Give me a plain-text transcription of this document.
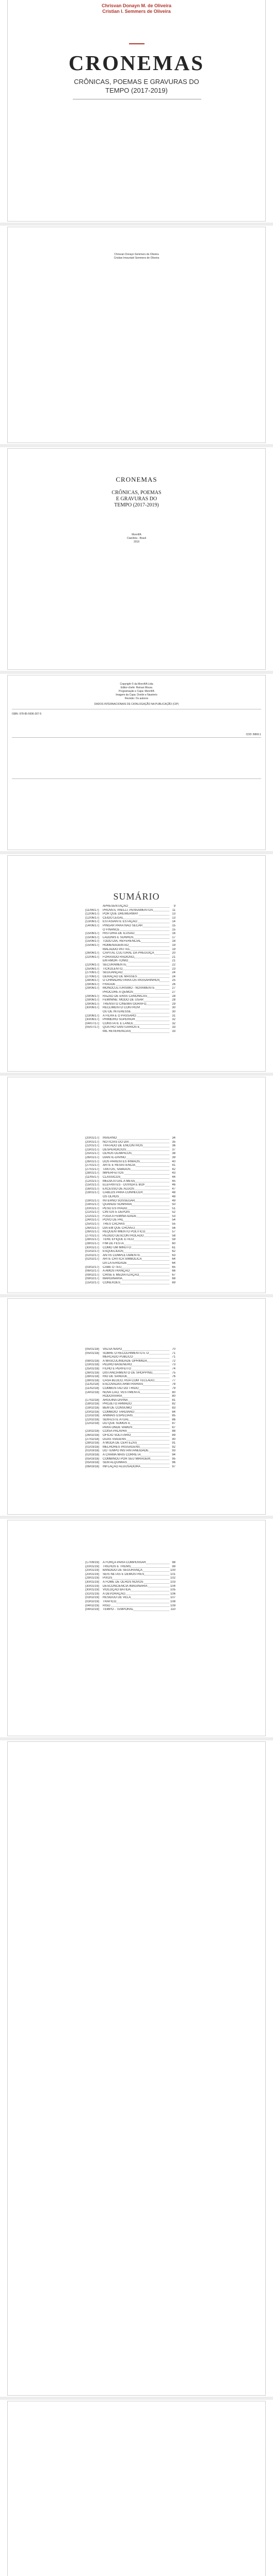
Chrisvan Donayn M. de Oliveira
Cristian I. Semmers de Oliveira
CRONEMAS
CRÔNICAS, POEMAS E GRAVURAS DO
TEMPO (2017-2019)
Chrisvan Donayn Semmers de Oliveira
Cristian Imourisiel Semmers de Oliveira
CRONEMAS
CRÔNICAS, POEMAS
E GRAVURAS DO
TEMPO (2017-2019)
Monrif/A
Cianíbria - Brasil
2019
Copyright © da Monrif/A Ltda
Editor-chefe: Reinan Moura
Programação e Capa: Monrif/A
Imagem da Capa: Donlin e Nasimrio
Revisão: Os autores
DADOS INTERNACIONAIS DE CATALOGAÇÃO NA PUBLICAÇÃO (CIP)
ISBN: 978-85-5696-307-5
CDD: B869.1
SUMÁRIO
APRESENTAÇÃO	9
(11/06/17) PROVES, PAELLI, PENSAMENTOS	11
(12/06/17) POR QUE DREWERWAY	13
(12/06/17) CEIDO LEGAL	13
(13/06/17) ESTASIANTE ESTAÇÃO	14
(14/06/17) PINGAR PARA NÃO SECAR	15
O FINANCE	15
(15/06/17) HISTORIA DE ILUSÃO	16
(15/06/17) LADONIS E SONHOS	17
(15/06/17) TODO DIA, REFERENCIAL	18
(15/06/17) HOMENAGEM AO	19
MALADDO PATTEL	19
(26/06/17) CAPITAL CULTURAL DA PREGUIÇA	20
(22/06/17) FORASIDO RADIOSO,	21
EM AMOR-TÔNIO	21
(22/06/17) SECURAMENTE	22
(25/06/17) TICKOLENTO	23
(27/06/17) SEGUANÇÃO	24
(27/06/17) GERAÇÃO DE MÁSSES	24
(28/06/17) O CHINADRO PARA OS PASSARINHOS	25
(29/06/17) FRAUDE	26
(29/06/17) MONOCULTURISMO - NOVAMENTE	27
PROCURE A QEMOS	27
(29/06/17) RAZÃO DE ERAS CANÔNICAS	28
(29/06/17) FEMININE: MODO DE USAR	28
(29/06/17) TRENSITO CINEMATÓGRAFO	29
(30/06/17) RECLIMENTO CONTROVI	30
OU DE INTERESSE	30
(23/06/17) A FILHA E O PÁSSARO	31
(30/06/17) PRIMEIRO SUPERIOR	32
(04/07/17) CONSTATE E LANCE	32
(05/07/17) QUATRO SANTUÁRIOS E	33
MIL REVERÊNCIAS	33
(20/01/17) INVERNO	34
(20/01/17) NOTÍCIAS DO DIA	35
(22/01/17) TRATADO DE ENCONTROS	36
(23/01/17) DESPERDÍCIOS	37
(25/01/17) OLHOS OLÍMPICOS	38
(26/01/17) DIANTE-DIVINO	39
(26/01/17) DOS PARENTES IRMÃOS	40
(27/01/17) ARTE E RESISTÊNCIA	41
(27/01/17) TANTOS, SABIDOS	42
(28/01/17) IMPERFEITOS	43
(11/05/17) CLÁSSICOS	44
(12/01/17) MEDIA ATUAL A MESA	45
(15/01/17) ELEFANTES - DÚVIDA E BOF	46
(16/01/17) EXCESSO DE ALGOS	47
(19/01/17) CABLOS PARA CONHECER	48
OS OLHOS	48
(19/01/17) INTERNO SOSSEGAR	49
(19/01/17) QUANDO SONHAVA	50
(20/01/17) PESO ESTRADO	51
(21/01/17) CINTOS E DEPOIS	52
(21/01/17) FUGA A FEMINA IDADE	53
(24/01/17) POVO DE PAL	54
(25/01/17) TRÊS CACHAS	55
(26/01/17) DIA EM QUE CHOVEU	56
(26/01/17) REQUENTIMENTO POLÍTICO	57
(27/01/17) PEDIDO DESCONTROLADO	58
(28/01/17) TERÉ ÉFIQUE ÉTICO	59
(28/01/17) FIM DE FESTA	60
(30/01/17) COMO UM MINUTO	61
(01/02/17) ESQUECIDOS	62
(02/02/17) ANTIS COMPLETAMENTE	63
(02/02/17) ARTE CRÍTICA SIMBÓLICA	64
DA LATERIDADE	64
(03/02/17) CABE O TEU	65
(06/02/17) A AMOSTRANÇÃO	66
(09/02/17) CRISE E MEDIATIZAÇÃO	67
(09/02/17) MARGINÁRIA	68
(15/02/17) CONEXÕES	69
(05/01/18) VALSA NAPO	70
(05/01/18) SOBRE O RECOLHIMENTO E O	71
MERCADO PÚBLICO	71
(08/01/18) A MASCULINIDADE OPRIMIDA	72
(23/01/18) PEDRO BASENERO	73
(25/01/18) FILHO E PERFEITO	74
(26/01/18) DISTANCIAMENTO DE SHOPPING	75
(28/01/18) RIO DE SANGUE	76
(28/01/18) CASA BLOCO, RUA COM TECLADO	77
(11/02/18) ESCOVADAS ARBITRÁRIAS	78
(11/02/18) COMBUSTÃO DO TRIDO	79
(14/02/18) NOVA CÃO, VESTIMENTA	80
RODOVIÁRIA	80
(17/02/18) ARGUINA DIVINA	81
(18/02/18) PROJETO ARMADO	82
(19/02/18) BEM DE CONSUMO	83
(20/02/18) COMBOIO TARDIANO	84
(21/02/18) ANIMAIS ESPECIAIS	85
(22/02/18) SEM-ESTE ATUAL	86
(22/02/18) DO QUE SOMOS E	87
PARA ONDE VAMOS	87
(23/02/18) COISA PALAVRA	88
(26/02/18) OFÍCIO SOLITÁRIO	89
(27/02/18) DUAS VIAGENS	90
(28/02/18) A MUDA DE CERTEZAS	91
(01/03/18) MELHORES PASSAGENS	92
(01/03/18) DO TEMPO INSTANTANEIDADE	93
(02/03/18) A CHAMA MAIS CORRETA	94
(05/03/18) COMBINOU POR SEU MIRAGEM	95
(05/03/18) SEM ALQUIMIAS	96
(06/03/18) INFLAÇÃO ALGUSADORA	97
(17/09/19) A FORÇA PARA COMPENSAR	98
(20/01/19) TRILHOS E TREMS	99
(20/01/19) BANDIDO DE SEGURANÇA	100
(20/01/19) SEIS NETAS E DEMOSTRES	101
(29/01/19) PIXOS	102
(30/01/19) A FOME DE OLHOS NOVOS	103
(30/01/19) DESCONCIÊNCIA IMAGINÁRIA	104
(30/01/19) VIOLOÇÃO BATIDA	105
(31/01/19) A DEVORAÇÃO	106
(03/02/19) RESÍDUO DE VELA	107
(03/02/19) TRÁFICO	108
(04/02/19) RISO	109
(04/02/19) TEMPO - TEMPORAL	110
